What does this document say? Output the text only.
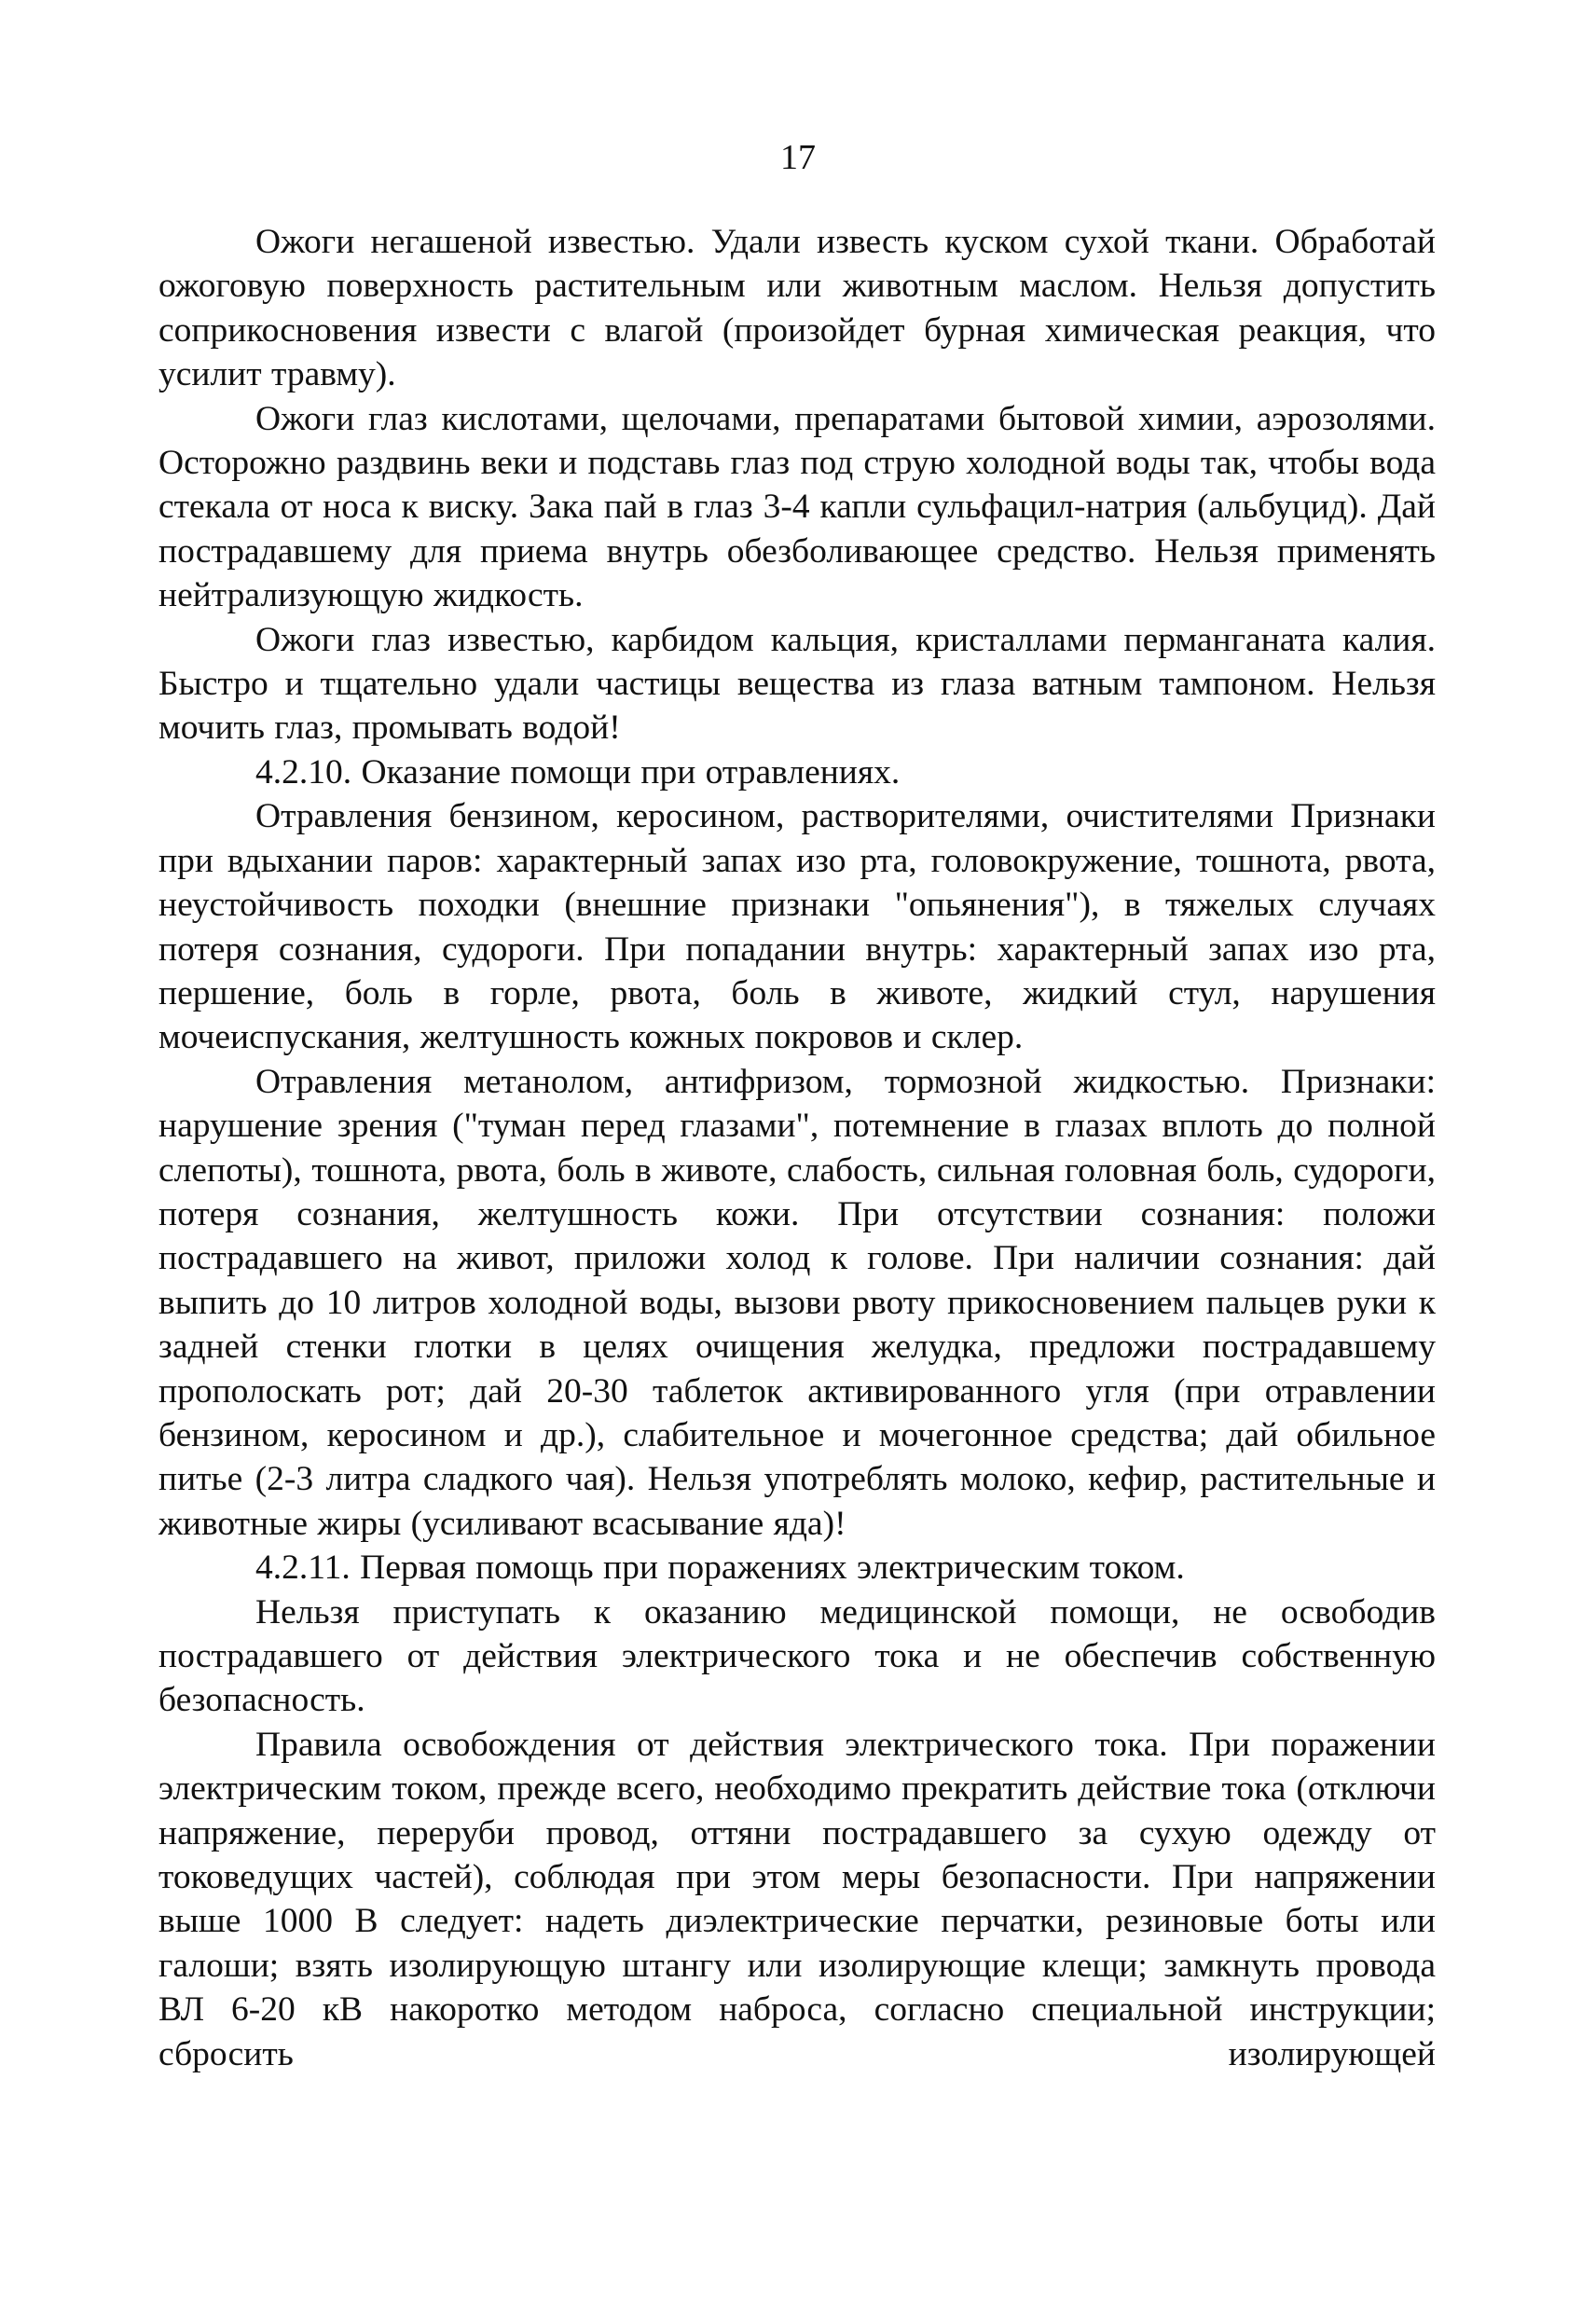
17

Ожоги негашеной известью. Удали известь куском сухой ткани. Обработай ожоговую поверхность растительным или животным маслом. Нельзя допустить соприкосновения извести с влагой (произойдет бурная химическая реакция, что усилит травму).

Ожоги глаз кислотами, щелочами, препаратами бытовой химии, аэрозолями. Осторожно раздвинь веки и подставь глаз под струю холодной воды так, чтобы вода стекала от носа к виску. Зака пай в глаз 3-4 капли сульфацил-натрия (альбуцид). Дай пострадавшему для приема внутрь обезболивающее средство. Нельзя применять нейтрализующую жидкость.

Ожоги глаз известью, карбидом кальция, кристаллами перманганата калия. Быстро и тщательно удали частицы вещества из глаза ватным тампоном. Нельзя мочить глаз, промывать водой!

4.2.10. Оказание помощи при отравлениях.

Отравления бензином, керосином, растворителями, очистителями Признаки при вдыхании паров: характерный запах изо рта, головокружение, тошнота, рвота, неустойчивость походки (внешние признаки "опьянения"), в тяжелых случаях потеря сознания, судороги. При попадании внутрь: характерный запах изо рта, першение, боль в горле, рвота, боль в животе, жидкий стул, нарушения мочеиспускания, желтушность кожных покровов и склер.

Отравления метанолом, антифризом, тормозной жидкостью. Признаки: нарушение зрения ("туман перед глазами", потемнение в глазах вплоть до полной слепоты), тошнота, рвота, боль в животе, слабость, сильная головная боль, судороги, потеря сознания, желтушность кожи. При отсутствии сознания: положи пострадавшего на живот, приложи холод к голове. При наличии сознания: дай выпить до 10 литров холодной воды, вызови рвоту прикосновением пальцев руки к задней стенки глотки в целях очищения желудка, предложи пострадавшему прополоскать рот; дай 20-30 таблеток активированного угля (при отравлении бензином, керосином и др.), слабительное и мочегонное средства; дай обильное питье (2-3 литра сладкого чая). Нельзя употреблять молоко, кефир, растительные и животные жиры (усиливают всасывание яда)!

4.2.11. Первая помощь при поражениях электрическим током.

Нельзя приступать к оказанию медицинской помощи, не освободив пострадавшего от действия электрического тока и не обеспечив собственную безопасность.

Правила освобождения от действия электрического тока. При поражении электрическим током, прежде всего, необходимо прекратить действие тока (отключи напряжение, переруби провод, оттяни пострадавшего за сухую одежду от токоведущих частей), соблюдая при этом меры безопасности. При напряжении выше 1000 В следует: надеть диэлектрические перчатки, резиновые боты или галоши; взять изолирующую штангу или изолирующие клещи; замкнуть провода ВЛ 6-20 кВ накоротко методом наброса, согласно специальной инструкции; сбросить изолирующей
